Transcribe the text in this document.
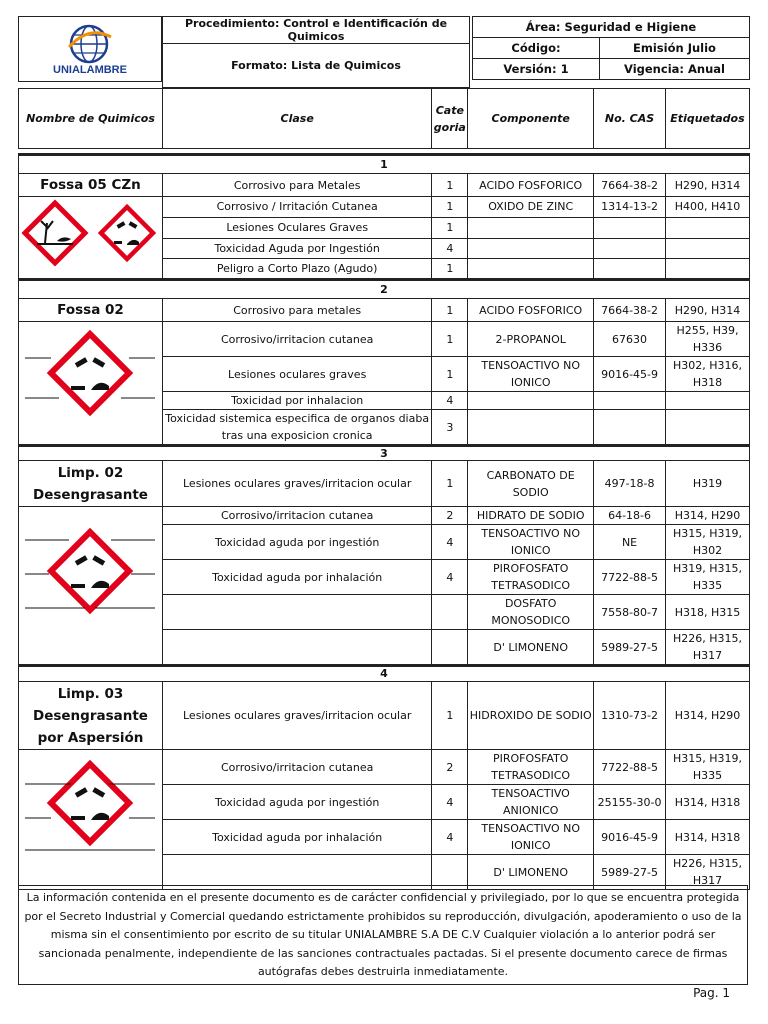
UNIALAMBRE
Procedimiento: Control e Identificación de Quimicos
Formato: Lista de Quimicos
Área: Seguridad e Higiene	
Código:	Emisión Julio
Versión: 1	Vigencia: Anual
Nombre de Quimicos	Clase	Categoria	Componente	No. CAS	Etiquetados

1					
Fossa 05 CZn	Corrosivo para Metales	1	ACIDO FOSFORICO	7664-38-2	H290, H314
	Corrosivo / Irritación Cutanea	1	OXIDO DE ZINC	1314-13-2	H400, H410
	Lesiones Oculares Graves	1			
	Toxicidad Aguda por Ingestión	4			
	Peligro a Corto Plazo (Agudo)	1			
2					
Fossa 02	Corrosivo para metales	1	ACIDO FOSFORICO	7664-38-2	H290, H314
	Corrosivo/irritacion cutanea	1	2-PROPANOL	67630	H255, H39, H336
	Lesiones oculares graves	1	TENSOACTIVO NO IONICO	9016-45-9	H302, H316, H318
	Toxicidad por inhalacion	4			
	Toxicidad sistemica especifica de organos diaba tras una exposicion cronica	3			
3					
Limp. 02 Desengrasante	Lesiones oculares graves/irritacion ocular	1	CARBONATO DE SODIO	497-18-8	H319
	Corrosivo/irritacion cutanea	2	HIDRATO DE SODIO	64-18-6	H314, H290
	Toxicidad aguda por ingestión	4	TENSOACTIVO NO IONICO	NE	H315, H319, H302
	Toxicidad aguda por inhalación	4	PIROFOSFATO TETRASODICO	7722-88-5	H319, H315, H335
			DOSFATO MONOSODICO	7558-80-7	H318, H315
			D' LIMONENO	5989-27-5	H226, H315, H317
4					
Limp. 03 Desengrasante por Aspersión	Lesiones oculares graves/irritacion ocular	1	HIDROXIDO DE SODIO	1310-73-2	H314, H290
	Corrosivo/irritacion cutanea	2	PIROFOSFATO TETRASODICO	7722-88-5	H315, H319, H335
	Toxicidad aguda por ingestión	4	TENSOACTIVO ANIONICO	25155-30-0	H314, H318
	Toxicidad aguda por inhalación	4	TENSOACTIVO NO IONICO	9016-45-9	H314, H318
			D' LIMONENO	5989-27-5	H226, H315, H317
La información contenida en el presente documento es de carácter confidencial y privilegiado, por lo que se encuentra protegida por el Secreto Industrial y Comercial quedando estrictamente prohibidos su reproducción, divulgación, apoderamiento o uso de la misma sin el consentimiento por escrito de su titular UNIALAMBRE S.A DE C.V Cualquier violación a lo anterior podrá ser sancionada penalmente, independiente de las sanciones contractuales pactadas. Si el presente documento carece de firmas autógrafas debes destruirla inmediatamente.
Pag. 1
